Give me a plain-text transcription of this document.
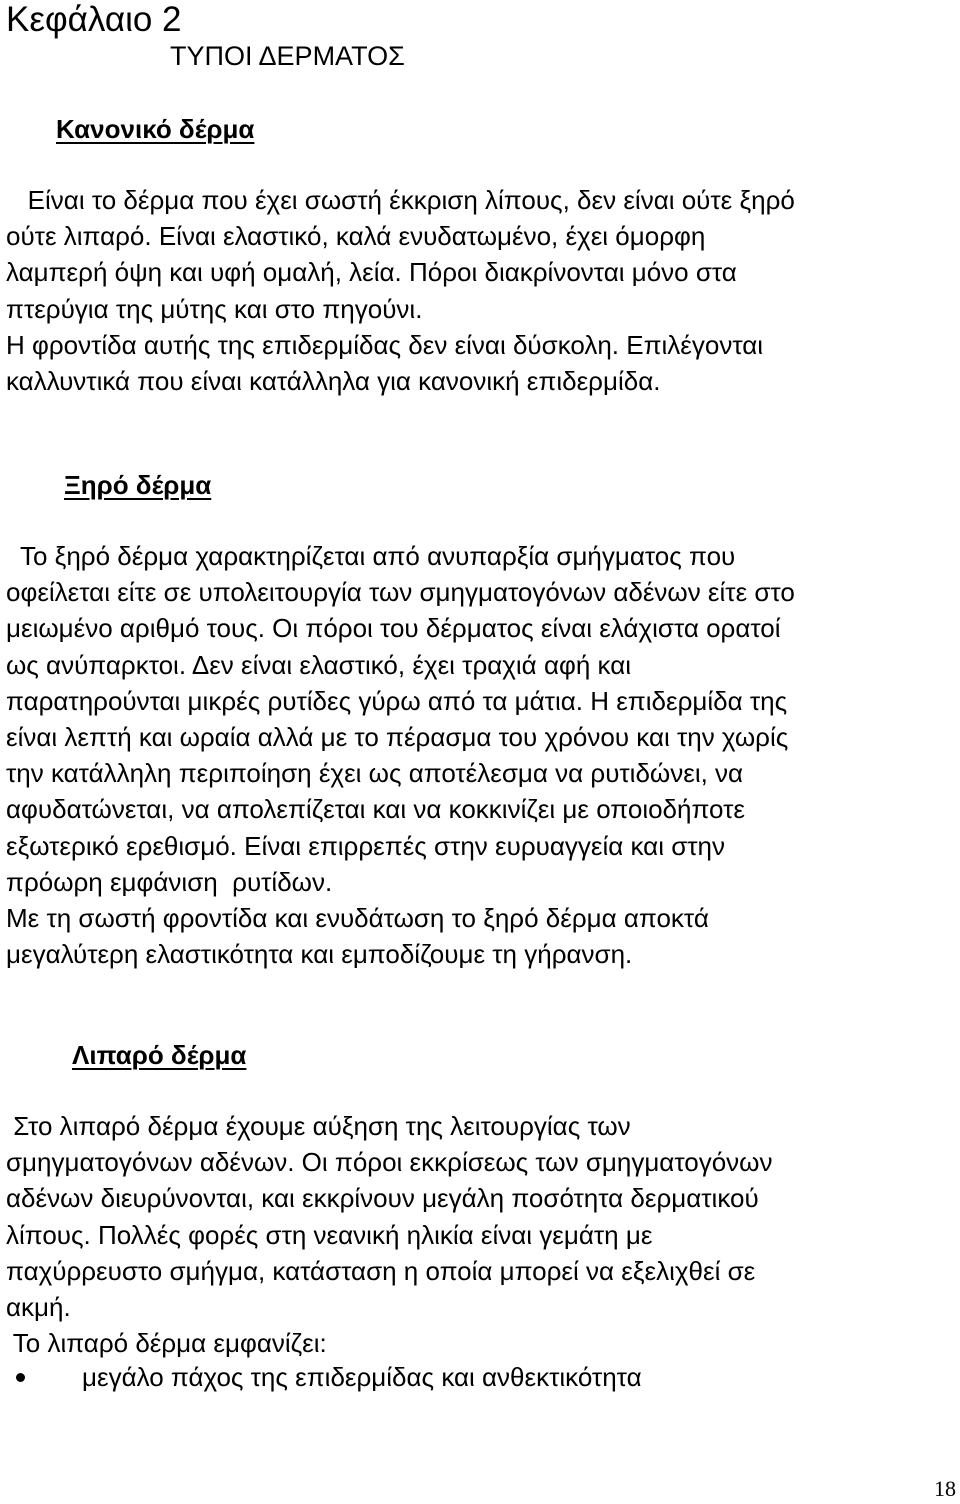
Κεφάλαιο 2
ΤΥΠΟΙ ΔΕΡΜΑΤΟΣ
Κανονικό δέρμα
Είναι το δέρμα που έχει σωστή έκκριση λίπους, δεν είναι ούτε ξηρό
ούτε λιπαρό. Είναι ελαστικό, καλά ενυδατωμένο, έχει όμορφη
λαμπερή όψη και υφή ομαλή, λεία. Πόροι διακρίνονται μόνο στα
πτερύγια της μύτης και στο πηγούνι.
Η φροντίδα αυτής της επιδερμίδας δεν είναι δύσκολη. Επιλέγονται
καλλυντικά που είναι κατάλληλα για κανονική επιδερμίδα.
Ξηρό δέρμα
Το ξηρό δέρμα χαρακτηρίζεται από ανυπαρξία σμήγματος που
οφείλεται είτε σε υπολειτουργία των σμηγματογόνων αδένων είτε στο
μειωμένο αριθμό τους. Οι πόροι του δέρματος είναι ελάχιστα ορατοί
ως ανύπαρκτοι. Δεν είναι ελαστικό, έχει τραχιά αφή και
παρατηρούνται μικρές ρυτίδες γύρω από τα μάτια. Η επιδερμίδα της
είναι λεπτή και ωραία αλλά με το πέρασμα του χρόνου και την χωρίς
την κατάλληλη περιποίηση έχει ως αποτέλεσμα να ρυτιδώνει, να
αφυδατώνεται, να απολεπίζεται και να κοκκινίζει με οποιοδήποτε
εξωτερικό ερεθισμό. Είναι επιρρεπές στην ευρυαγγεία και στην
πρόωρη εμφάνιση  ρυτίδων.
Με τη σωστή φροντίδα και ενυδάτωση το ξηρό δέρμα αποκτά
μεγαλύτερη ελαστικότητα και εμποδίζουμε τη γήρανση.
Λιπαρό δέρμα
Στο λιπαρό δέρμα έχουμε αύξηση της λειτουργίας των
σμηγματογόνων αδένων. Οι πόροι εκκρίσεως των σμηγματογόνων
αδένων διευρύνονται, και εκκρίνουν μεγάλη ποσότητα δερματικού
λίπους. Πολλές φορές στη νεανική ηλικία είναι γεμάτη με
παχύρρευστο σμήγμα, κατάσταση η οποία μπορεί να εξελιχθεί σε
ακμή.
Το λιπαρό δέρμα εμφανίζει:
μεγάλο πάχος της επιδερμίδας και ανθεκτικότητα
18
